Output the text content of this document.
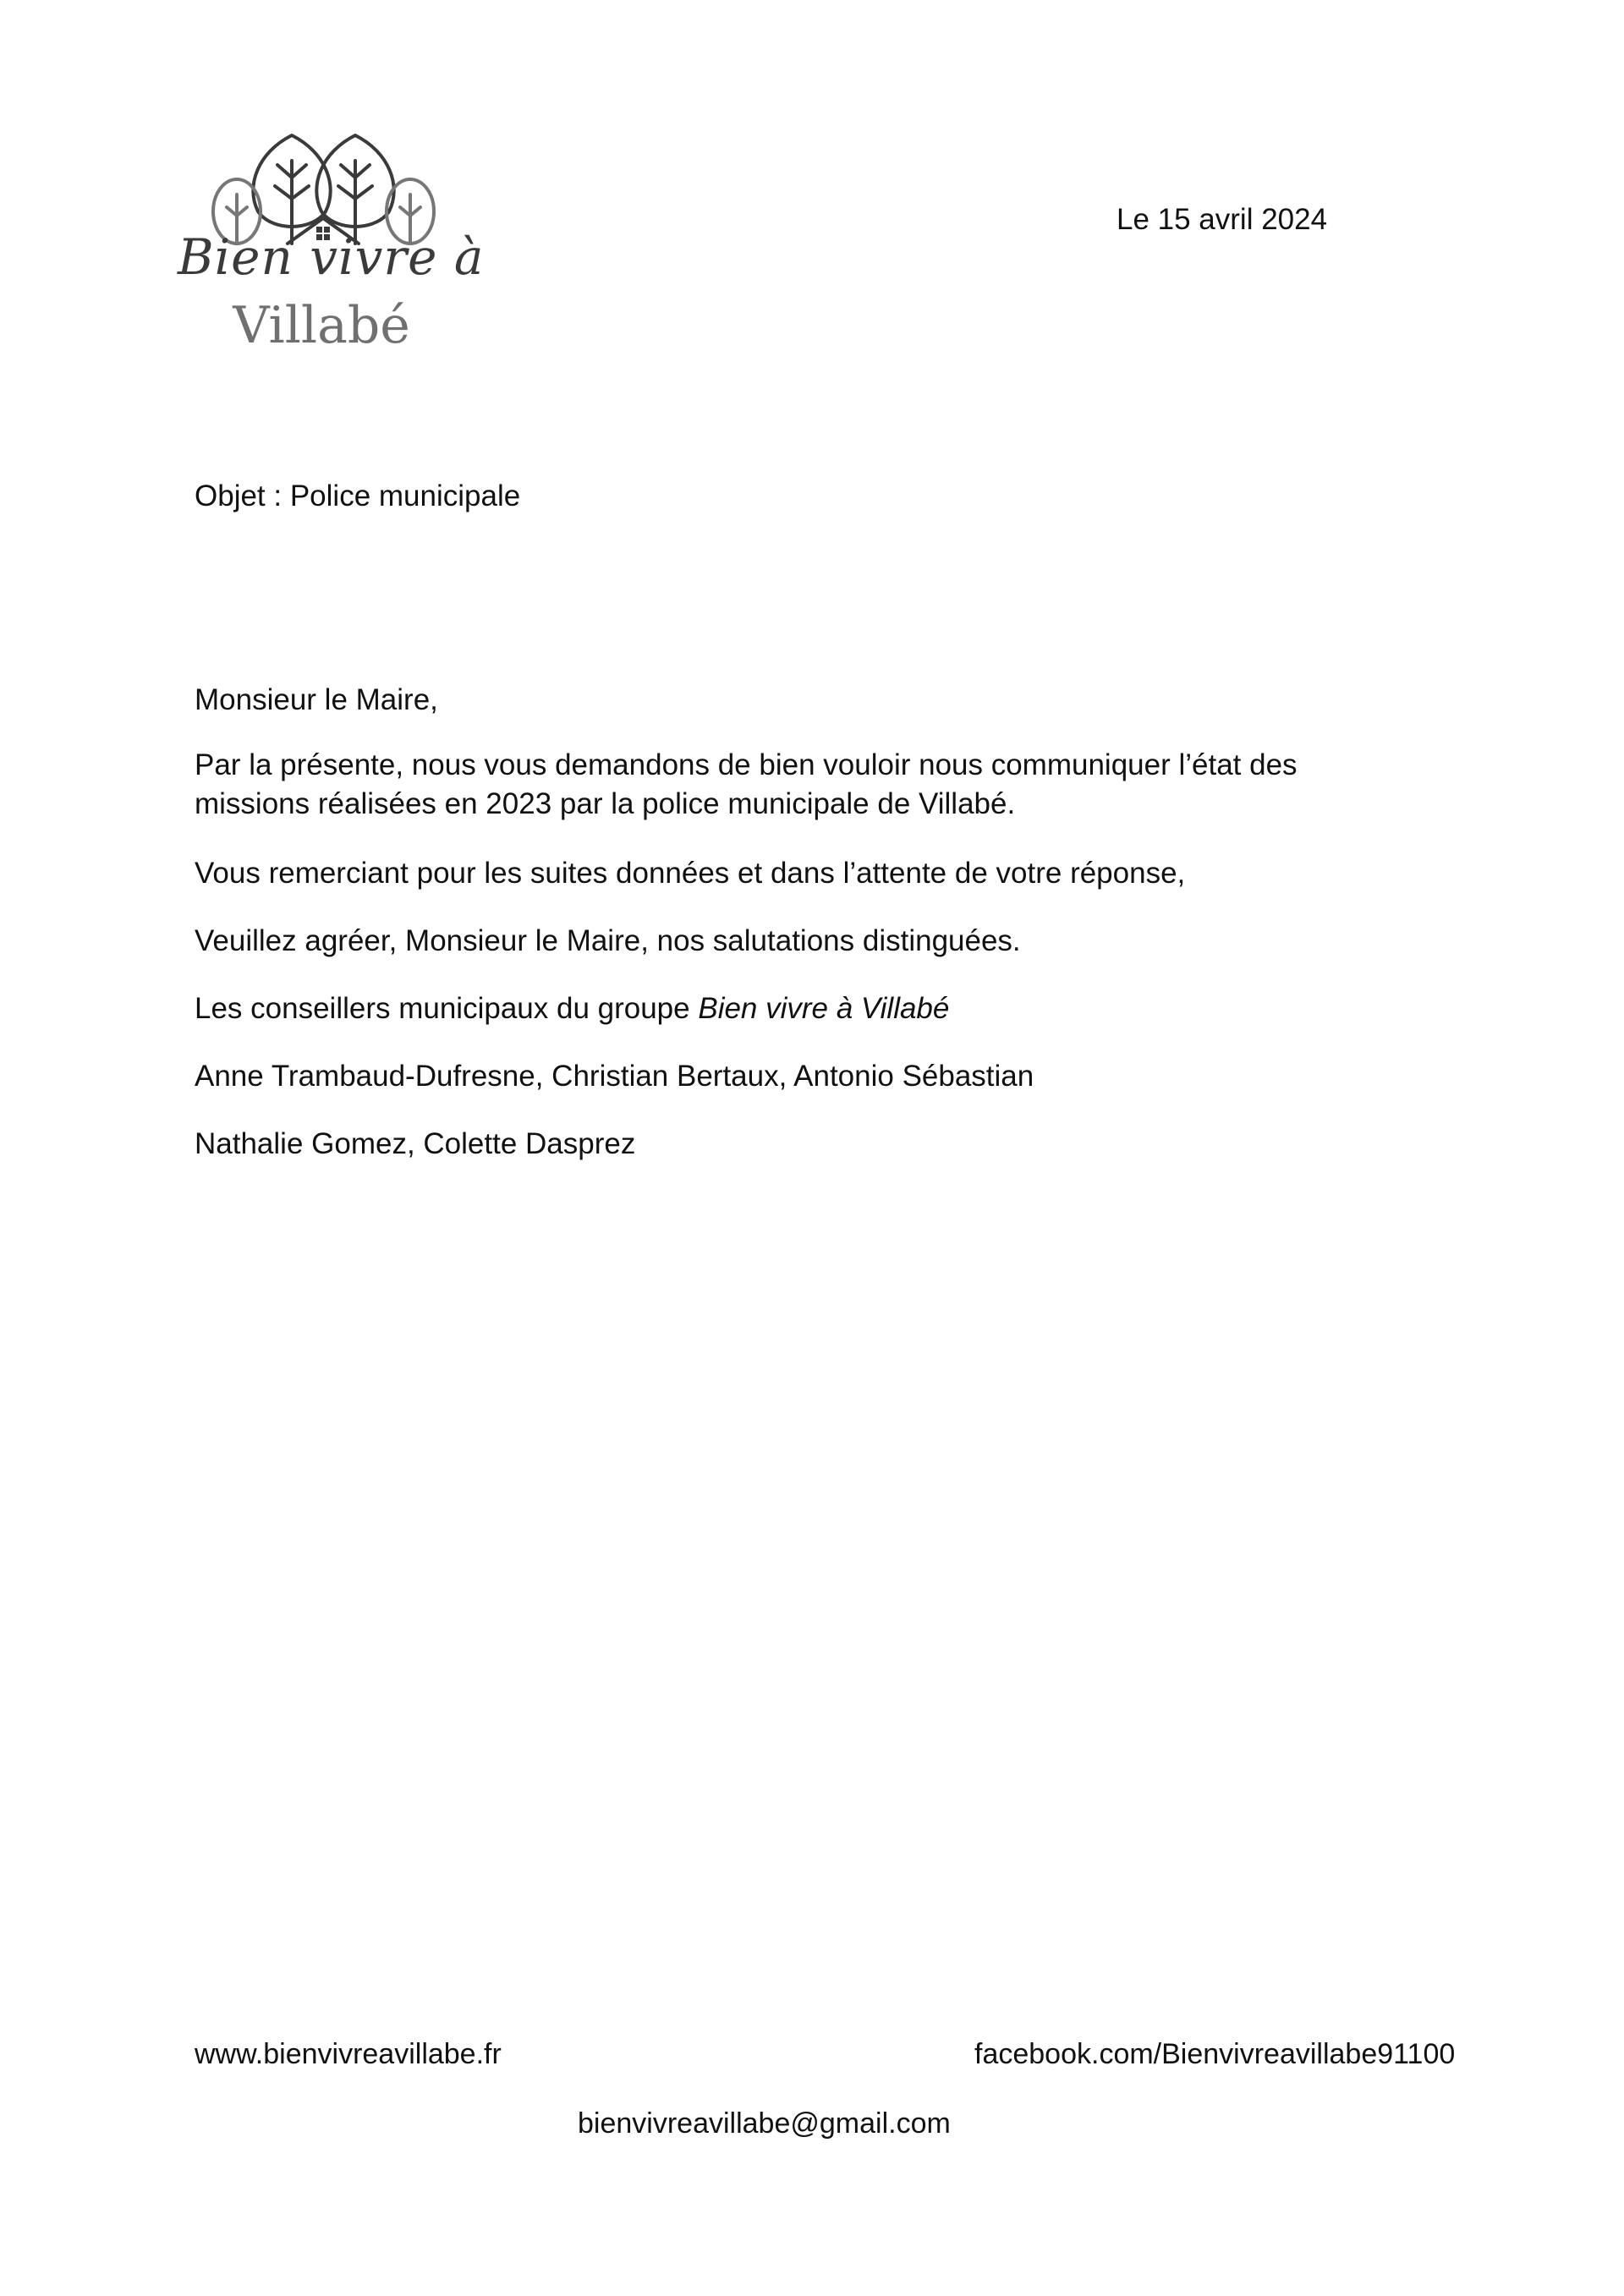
Bien vivre à
Villabé
Le 15 avril 2024
Objet : Police municipale

Monsieur le Maire,

Par la présente, nous vous demandons de bien vouloir nous communiquer l’état des
missions réalisées en 2023 par la police municipale de Villabé.

Vous remerciant pour les suites données et dans l’attente de votre réponse,

Veuillez agréer, Monsieur le Maire, nos salutations distinguées.

Les conseillers municipaux du groupe Bien vivre à Villabé

Anne Trambaud-Dufresne, Christian Bertaux, Antonio Sébastian

Nathalie Gomez, Colette Dasprez

www.bienvivreavillabe.fr	facebook.com/Bienvivreavillabe91100
bienvivreavillabe@gmail.com
